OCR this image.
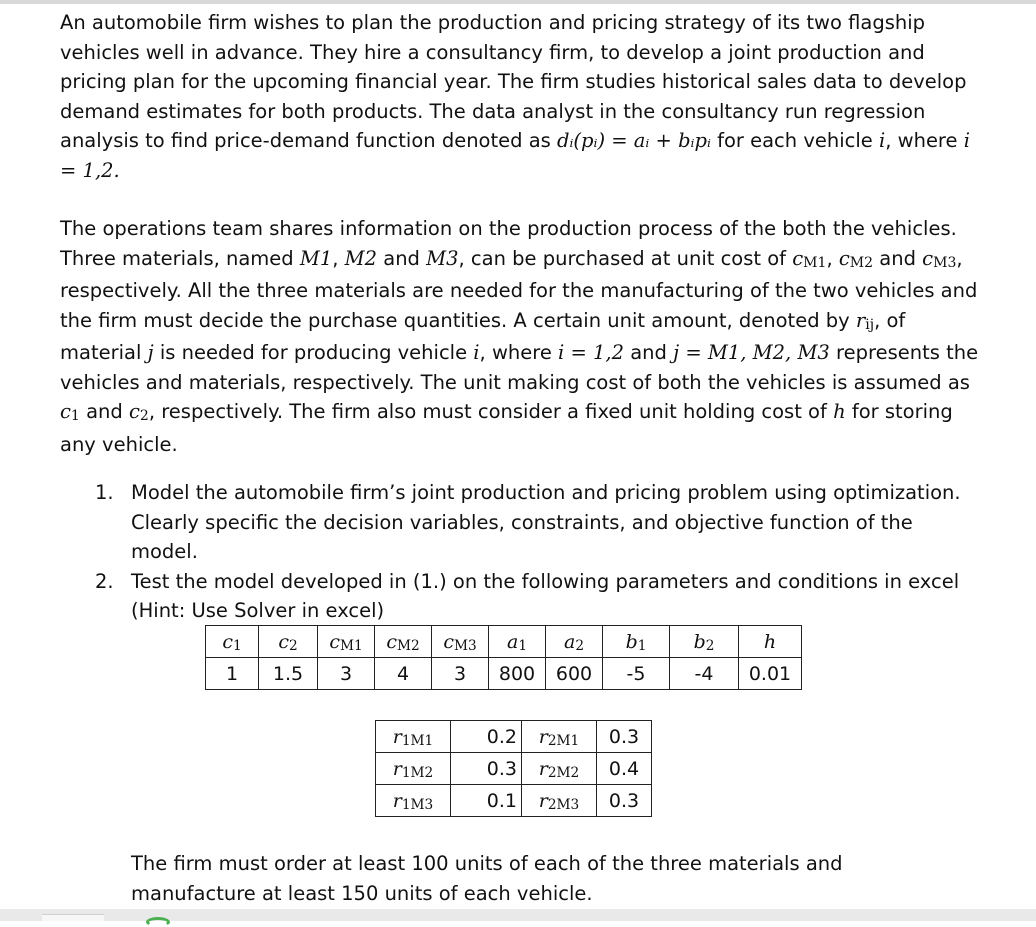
An automobile firm wishes to plan the production and pricing strategy of its two flagship vehicles well in advance. They hire a consultancy firm, to develop a joint production and pricing plan for the upcoming financial year. The firm studies historical sales data to develop demand estimates for both products. The data analyst in the consultancy run regression analysis to find price-demand function denoted as dᵢ(pᵢ) = aᵢ + bᵢpᵢ for each vehicle i, where i = 1,2.

The operations team shares information on the production process of the both the vehicles. Three materials, named M1, M2 and M3, can be purchased at unit cost of cM1, cM2 and cM3, respectively. All the three materials are needed for the manufacturing of the two vehicles and the firm must decide the purchase quantities. A certain unit amount, denoted by rij, of material j is needed for producing vehicle i, where i = 1,2 and j = M1, M2, M3 represents the vehicles and materials, respectively. The unit making cost of both the vehicles is assumed as c1 and c2, respectively. The firm also must consider a fixed unit holding cost of h for storing any vehicle.

1. Model the automobile firm’s joint production and pricing problem using optimization. Clearly specific the decision variables, constraints, and objective function of the model.
2. Test the model developed in (1.) on the following parameters and conditions in excel (Hint: Use Solver in excel)
c1	c2	cM1	cM2	cM3	a1	a2	b1	b2	h
1	1.5	3	4	3	800	600	-5	-4	0.01
r1M1	0.2	r2M1	0.3
r1M2	0.3	r2M2	0.4
r1M3	0.1	r2M3	0.3
The firm must order at least 100 units of each of the three materials and manufacture at least 150 units of each vehicle.
